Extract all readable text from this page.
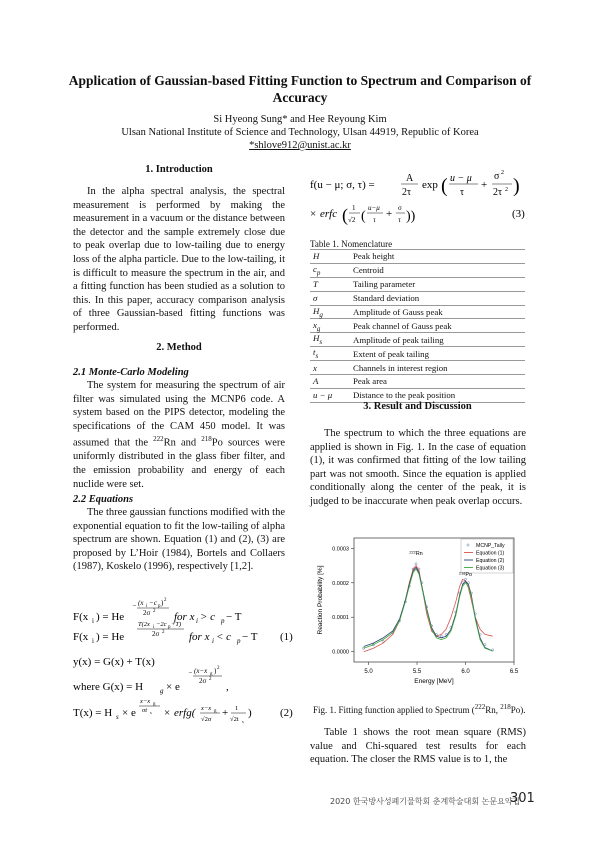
Application of Gaussian-based Fitting Function to Spectrum and Comparison of Accuracy
Si Hyeong Sung* and Hee Reyoung Kim
Ulsan National Institute of Science and Technology, Ulsan 44919, Republic of Korea
*shlove912@unist.ac.kr
1. Introduction

In the alpha spectral analysis, the spectral measurement is performed by making the measurement in a vacuum or the distance between the detector and the sample extremely close due to peak overlap due to low-tailing due to energy loss of the alpha particle. Due to the low-tailing, it is difficult to measure the spectrum in the air, and a fitting function has been studied as a solution to this. In this paper, accuracy comparison analysis of three Gaussian-based fitting functions was performed.

2. Method
2.1 Monte-Carlo Modeling

The system for measuring the spectrum of air filter was simulated using the MCNP6 code. A system based on the PIPS detector, modeling the specifications of the CAM 450 model. It was assumed that the $^{222}$Rn and $^{218}$Po sources were uniformly distributed in the glass fiber filter, and the emission probability and energy of each nuclide were set.

2.2 Equations

The three gaussian functions modified with the exponential equation to fit the low-tailing of alpha spectrum are shown. Equation (1) and (2), (3) are proposed by L’Hoir (1984), Bortels and Collaers (1987), Koskelo (1996), respectively [1,2].

F(x i ) = He
− (x i −c p ) 2
2σ 2 for x i > c p − T
F(x i ) = He
T(2x i −2c p +T)
2σ 2 for x i < c p − T (1)
y(x) = G(x) + T(x)
where G(x) = H g × e
− (x−x g ) 2
2σ 2
,
T(x) = H s × e
x−x g
σt s × erfg( x−x g
√2σ
+ 1
√2t s
)	(2)
f(u − μ; σ, τ) =
A
2τ
exp ( u − μ
τ
+
σ 2
2τ 2 )
× erfc ( 1
√2 (
u−μ
τ + σ
τ ))	(3)
Table 1. Nomenclature
H	Peak height
$c_p$	Centroid
T	Tailing parameter
σ	Standard deviation
$H_g$	Amplitude of Gauss peak
$x_g$	Peak channel of Gauss peak
$H_s$	Amplitude of peak tailing
$t_s$	Extent of peak tailing
x	Channels in interest region
A	Peak area
u − μ	Distance to the peak position
3. Result and Discussion

The spectrum to which the three equations are applied is shown in Fig. 1. In the case of equation (1), it was confirmed that fitting of the low tailing part was not smooth. Since the equation is applied conditionally along the center of the peak, it is judged to be inaccurate when peak overlap occurs.

5.0	5.5	6.0	6.5
0.0000
0.0001
0.0002
0.0003
Energy [MeV]
Reaction Probability [%]
MCNP_Tally
Equation (1)
Equation (2)
Equation (3)
$^{222}$Rn
$^{218}$Po
Fig. 1. Fitting function applied to Spectrum ($^{222}$Rn, $^{218}$Po).

Table 1 shows the root mean square (RMS) value and Chi-squared test results for each equation. The closer the RMS value is to 1, the

2020 한국방사성폐기물학회 춘계학술대회 논문요약집
301
